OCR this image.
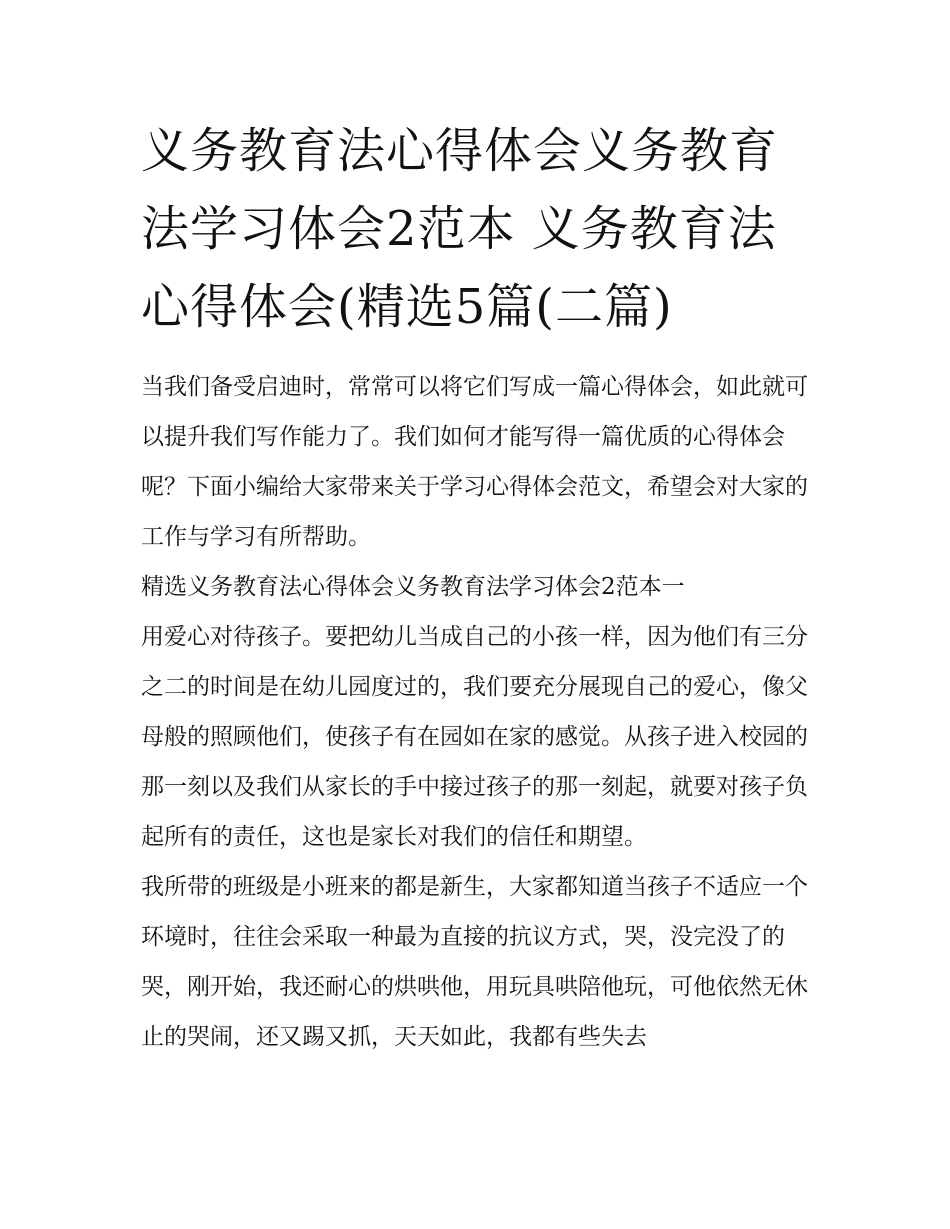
义务教育法心得体会义务教育法学习体会2范本 义务教育法心得体会(精选5篇(二篇)

当我们备受启迪时，常常可以将它们写成一篇心得体会，如此就可以提升我们写作能力了。我们如何才能写得一篇优质的心得体会呢？下面小编给大家带来关于学习心得体会范文，希望会对大家的工作与学习有所帮助。

精选义务教育法心得体会义务教育法学习体会2范本一

用爱心对待孩子。要把幼儿当成自己的小孩一样，因为他们有三分之二的时间是在幼儿园度过的，我们要充分展现自己的爱心，像父母般的照顾他们，使孩子有在园如在家的感觉。从孩子进入校园的那一刻以及我们从家长的手中接过孩子的那一刻起，就要对孩子负起所有的责任，这也是家长对我们的信任和期望。

我所带的班级是小班来的都是新生，大家都知道当孩子不适应一个环境时，往往会采取一种最为直接的抗议方式，哭，没完没了的哭，刚开始，我还耐心的烘哄他，用玩具哄陪他玩，可他依然无休止的哭闹，还又踢又抓，天天如此，我都有些失去
